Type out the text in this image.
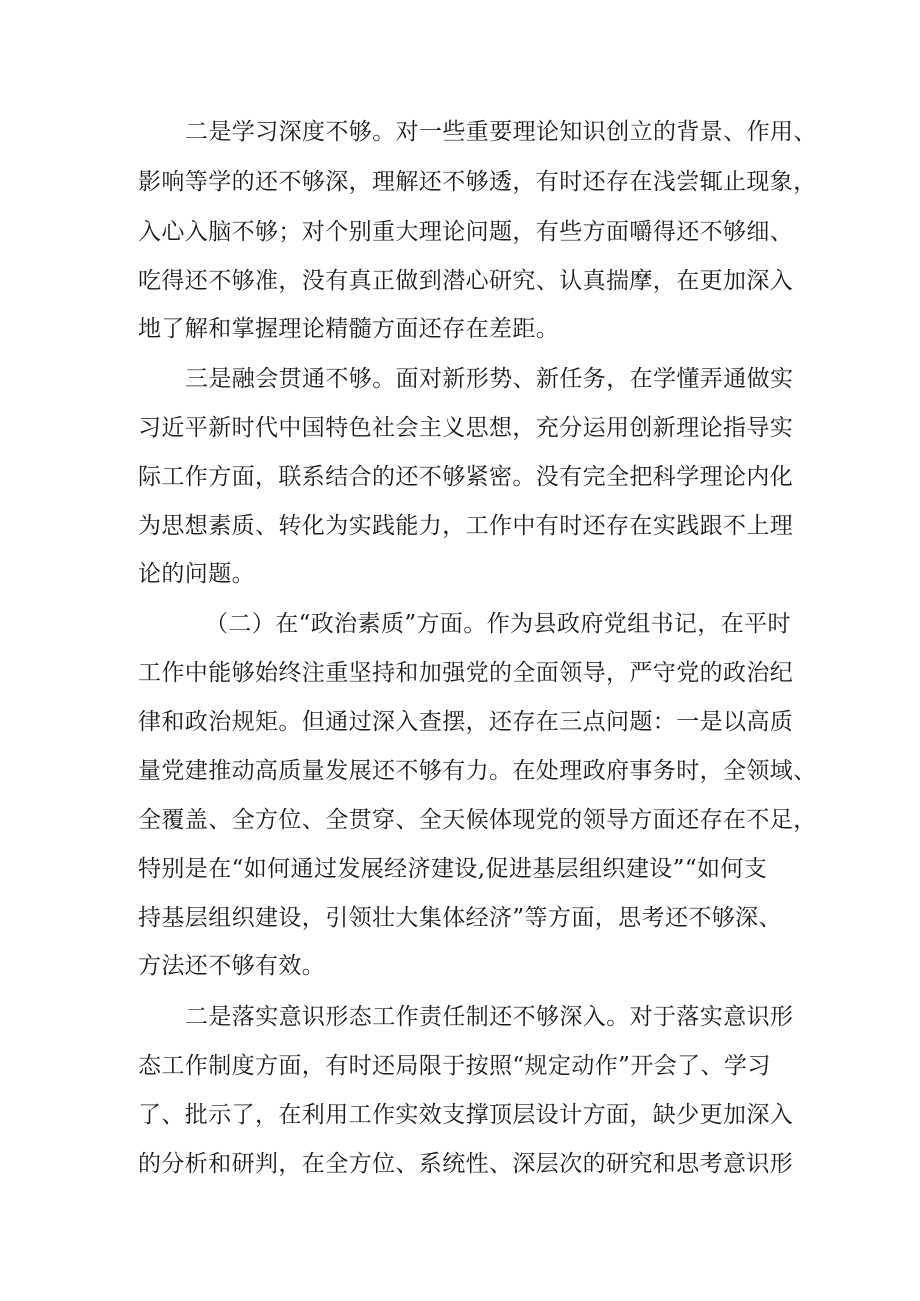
二是学习深度不够。对一些重要理论知识创立的背景、作用、
影响等学的还不够深，理解还不够透，有时还存在浅尝辄止现象，
入心入脑不够；对个别重大理论问题，有些方面嚼得还不够细、
吃得还不够准，没有真正做到潜心研究、认真揣摩，在更加深入
地了解和掌握理论精髓方面还存在差距。
三是融会贯通不够。面对新形势、新任务，在学懂弄通做实
习近平新时代中国特色社会主义思想，充分运用创新理论指导实
际工作方面，联系结合的还不够紧密。没有完全把科学理论内化
为思想素质、转化为实践能力，工作中有时还存在实践跟不上理
论的问题。
（二）在“政治素质”方面。作为县政府党组书记，在平时
工作中能够始终注重坚持和加强党的全面领导，严守党的政治纪
律和政治规矩。但通过深入查摆，还存在三点问题：一是以高质
量党建推动高质量发展还不够有力。在处理政府事务时，全领域、
全覆盖、全方位、全贯穿、全天候体现党的领导方面还存在不足，
特别是在“如何通过发展经济建设,促进基层组织建设”“如何支
持基层组织建设，引领壮大集体经济”等方面，思考还不够深、
方法还不够有效。
二是落实意识形态工作责任制还不够深入。对于落实意识形
态工作制度方面，有时还局限于按照“规定动作”开会了、学习
了、批示了，在利用工作实效支撑顶层设计方面，缺少更加深入
的分析和研判，在全方位、系统性、深层次的研究和思考意识形
